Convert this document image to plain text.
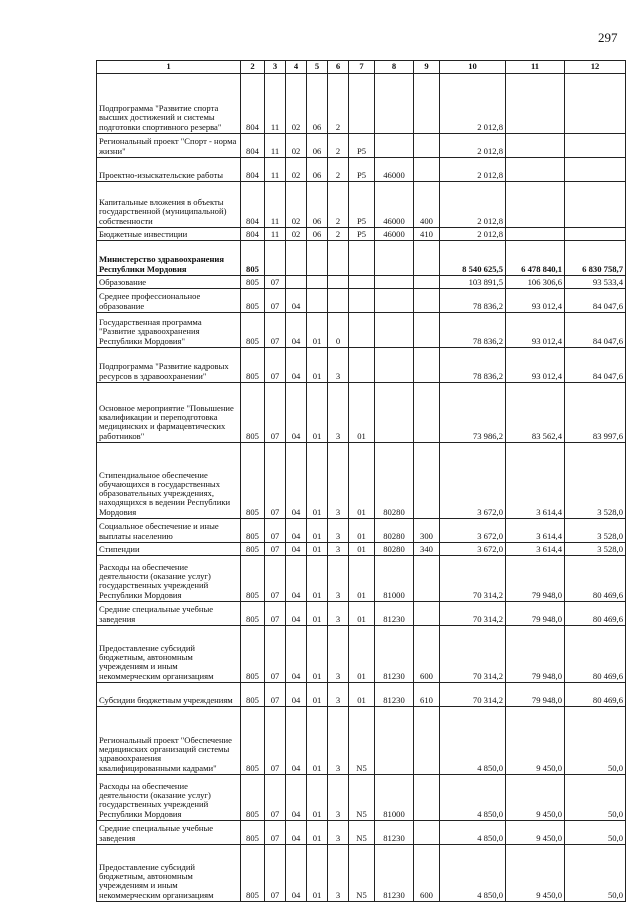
297
1	2	3	4	5	6	7	8	9	10	11	12
Подпрограмма "Развитие спорта высших достижений и системы подготовки спортивного резерва"	804	11	02	06	2				2 012,8		
Региональный проект "Спорт - норма жизни"	804	11	02	06	2	P5			2 012,8		
Проектно-изыскательские работы	804	11	02	06	2	P5	46000		2 012,8		
Капитальные вложения в объекты государственной (муниципальной) собственности	804	11	02	06	2	P5	46000	400	2 012,8		
Бюджетные инвестиции	804	11	02	06	2	P5	46000	410	2 012,8		
Министерство здравоохранения Республики Мордовия	805								8 540 625,5	6 478 840,1	6 830 758,7
Образование	805	07							103 891,5	106 306,6	93 533,4
Среднее профессиональное образование	805	07	04						78 836,2	93 012,4	84 047,6
Государственная программа "Развитие здравоохранения Республики Мордовия"	805	07	04	01	0				78 836,2	93 012,4	84 047,6
Подпрограмма "Развитие кадровых ресурсов в здравоохранении"	805	07	04	01	3				78 836,2	93 012,4	84 047,6
Основное мероприятие "Повышение квалификации и переподготовка медицинских и фармацевтических работников"	805	07	04	01	3	01			73 986,2	83 562,4	83 997,6
Стипендиальное обеспечение обучающихся в государственных образовательных учреждениях, находящихся в ведении Республики Мордовия	805	07	04	01	3	01	80280		3 672,0	3 614,4	3 528,0
Социальное обеспечение и иные выплаты населению	805	07	04	01	3	01	80280	300	3 672,0	3 614,4	3 528,0
Стипендии	805	07	04	01	3	01	80280	340	3 672,0	3 614,4	3 528,0
Расходы на обеспечение деятельности (оказание услуг) государственных учреждений Республики Мордовия	805	07	04	01	3	01	81000		70 314,2	79 948,0	80 469,6
Средние специальные учебные заведения	805	07	04	01	3	01	81230		70 314,2	79 948,0	80 469,6
Предоставление субсидий бюджетным, автономным учреждениям и иным некоммерческим организациям	805	07	04	01	3	01	81230	600	70 314,2	79 948,0	80 469,6
Субсидии бюджетным учреждениям	805	07	04	01	3	01	81230	610	70 314,2	79 948,0	80 469,6
Региональный проект "Обеспечение медицинских организаций системы здравоохранения квалифицированными кадрами"	805	07	04	01	3	N5			4 850,0	9 450,0	50,0
Расходы на обеспечение деятельности (оказание услуг) государственных учреждений Республики Мордовия	805	07	04	01	3	N5	81000		4 850,0	9 450,0	50,0
Средние специальные учебные заведения	805	07	04	01	3	N5	81230		4 850,0	9 450,0	50,0
Предоставление субсидий бюджетным, автономным учреждениям и иным некоммерческим организациям	805	07	04	01	3	N5	81230	600	4 850,0	9 450,0	50,0
